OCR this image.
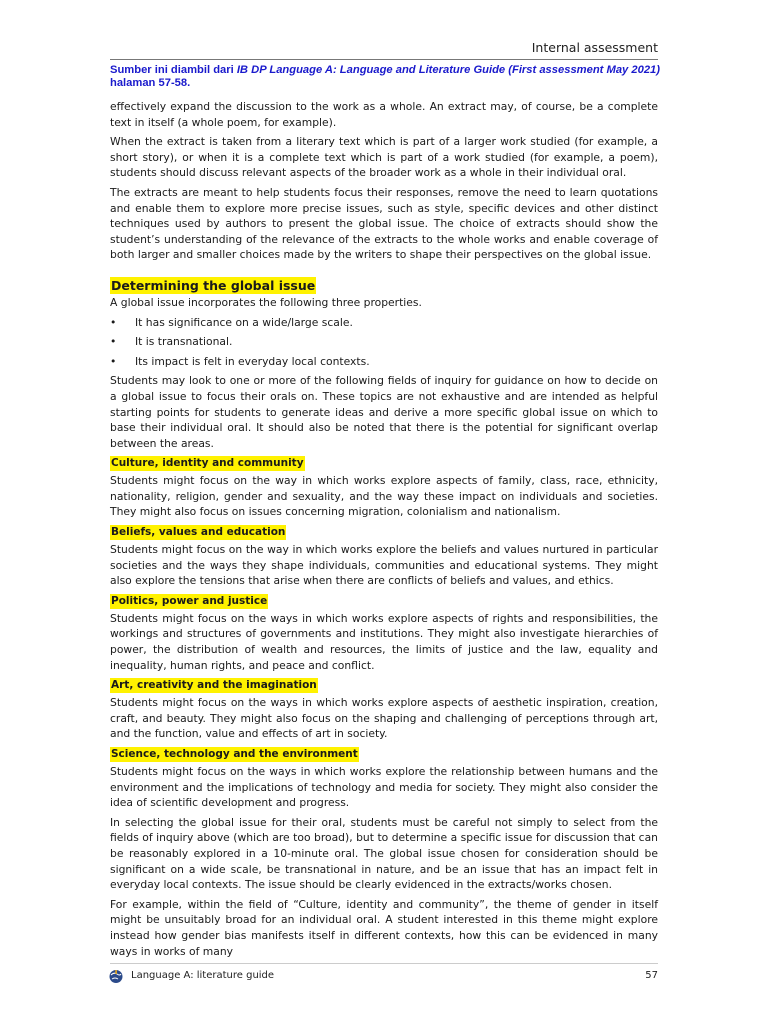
Internal assessment
Sumber ini diambil dari IB DP Language A: Language and Literature Guide (First assessment May 2021) halaman 57-58.

effectively expand the discussion to the work as a whole. An extract may, of course, be a complete text in itself (a whole poem, for example).

When the extract is taken from a literary text which is part of a larger work studied (for example, a short story), or when it is a complete text which is part of a work studied (for example, a poem), students should discuss relevant aspects of the broader work as a whole in their individual oral.

The extracts are meant to help students focus their responses, remove the need to learn quotations and enable them to explore more precise issues, such as style, specific devices and other distinct techniques used by authors to present the global issue. The choice of extracts should show the student’s understanding of the relevance of the extracts to the whole works and enable coverage of both larger and smaller choices made by the writers to shape their perspectives on the global issue.

Determining the global issue

A global issue incorporates the following three properties.

• It has significance on a wide/large scale.
• It is transnational.
• Its impact is felt in everyday local contexts.

Students may look to one or more of the following fields of inquiry for guidance on how to decide on a global issue to focus their orals on. These topics are not exhaustive and are intended as helpful starting points for students to generate ideas and derive a more specific global issue on which to base their individual oral. It should also be noted that there is the potential for significant overlap between the areas.

Culture, identity and community

Students might focus on the way in which works explore aspects of family, class, race, ethnicity, nationality, religion, gender and sexuality, and the way these impact on individuals and societies. They might also focus on issues concerning migration, colonialism and nationalism.

Beliefs, values and education

Students might focus on the way in which works explore the beliefs and values nurtured in particular societies and the ways they shape individuals, communities and educational systems. They might also explore the tensions that arise when there are conflicts of beliefs and values, and ethics.

Politics, power and justice

Students might focus on the ways in which works explore aspects of rights and responsibilities, the workings and structures of governments and institutions. They might also investigate hierarchies of power, the distribution of wealth and resources, the limits of justice and the law, equality and inequality, human rights, and peace and conflict.

Art, creativity and the imagination

Students might focus on the ways in which works explore aspects of aesthetic inspiration, creation, craft, and beauty. They might also focus on the shaping and challenging of perceptions through art, and the function, value and effects of art in society.

Science, technology and the environment

Students might focus on the ways in which works explore the relationship between humans and the environment and the implications of technology and media for society. They might also consider the idea of scientific development and progress.

In selecting the global issue for their oral, students must be careful not simply to select from the fields of inquiry above (which are too broad), but to determine a specific issue for discussion that can be reasonably explored in a 10-minute oral. The global issue chosen for consideration should be significant on a wide scale, be transnational in nature, and be an issue that has an impact felt in everyday local contexts. The issue should be clearly evidenced in the extracts/works chosen.

For example, within the field of “Culture, identity and community”, the theme of gender in itself might be unsuitably broad for an individual oral. A student interested in this theme might explore instead how gender bias manifests itself in different contexts, how this can be evidenced in many ways in works of many

Language A: literature guide	57
